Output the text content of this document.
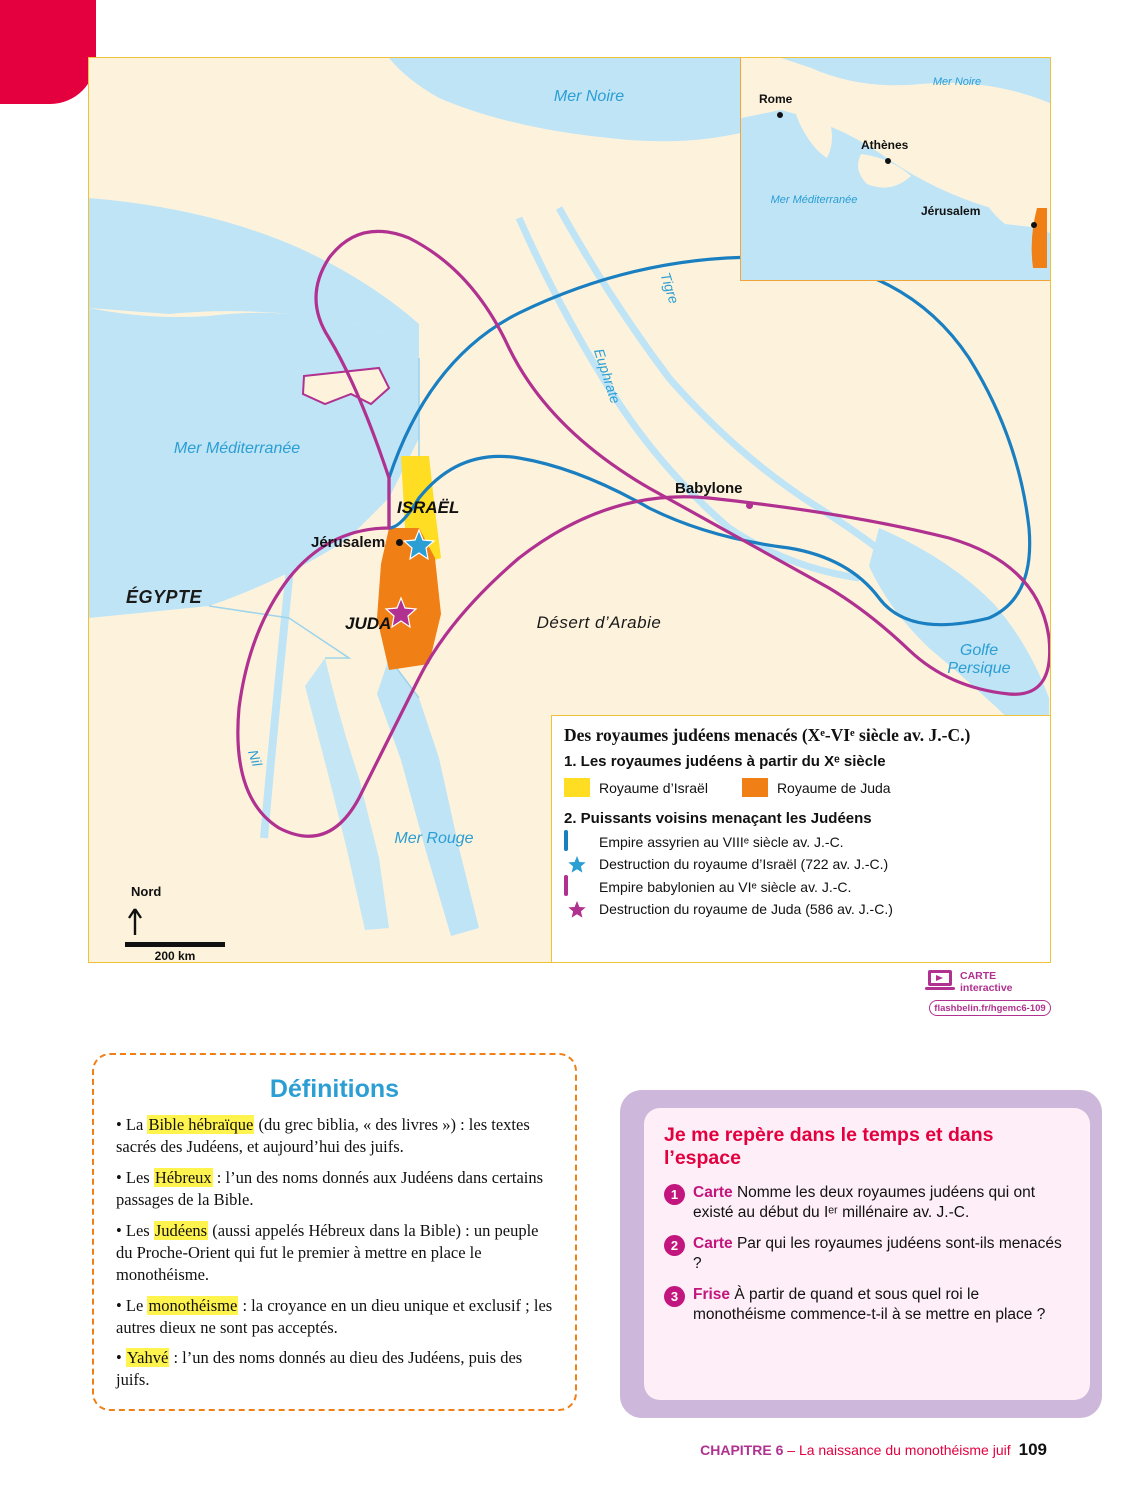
Mer Noire
Mer Méditerranée
Mer Rouge
Golfe Persique
ÉGYPTE
Désert d’Arabie
Tigre
Euphrate
Nil
Jérusalem
Babylone
ISRAËL
JUDA
Nord
200 km
Mer Noire
Mer Méditerranée
Rome
Athènes
Jérusalem
Des royaumes judéens menacés (Xᵉ-VIᵉ siècle av. J.-C.)
1. Les royaumes judéens à partir du Xᵉ siècle
Royaume d’Israël	Royaume de Juda
2. Puissants voisins menaçant les Judéens
Empire assyrien au VIIIᵉ siècle av. J.-C.
Destruction du royaume d’Israël (722 av. J.-C.)
Empire babylonien au VIᵉ siècle av. J.-C.
Destruction du royaume de Juda (586 av. J.-C.)
CARTE
interactive
flashbelin.fr/hgemc6-109
Définitions

• La Bible hébraïque (du grec biblia, « des livres ») : les textes sacrés des Judéens, et aujourd’hui des juifs.

• Les Hébreux : l’un des noms donnés aux Judéens dans certains passages de la Bible.

• Les Judéens (aussi appelés Hébreux dans la Bible) : un peuple du Proche-Orient qui fut le premier à mettre en place le monothéisme.

• Le monothéisme : la croyance en un dieu unique et exclusif ; les autres dieux ne sont pas acceptés.

• Yahvé : l’un des noms donnés au dieu des Judéens, puis des juifs.

Je me repère dans le temps et dans l’espace
1 Carte Nomme les deux royaumes judéens qui ont existé au début du Iᵉʳ millénaire av. J.-C.
2 Carte Par qui les royaumes judéens sont-ils menacés ?
3 Frise À partir de quand et sous quel roi le monothéisme commence-t-il à se mettre en place ?
CHAPITRE 6 – La naissance du monothéisme juif 109
